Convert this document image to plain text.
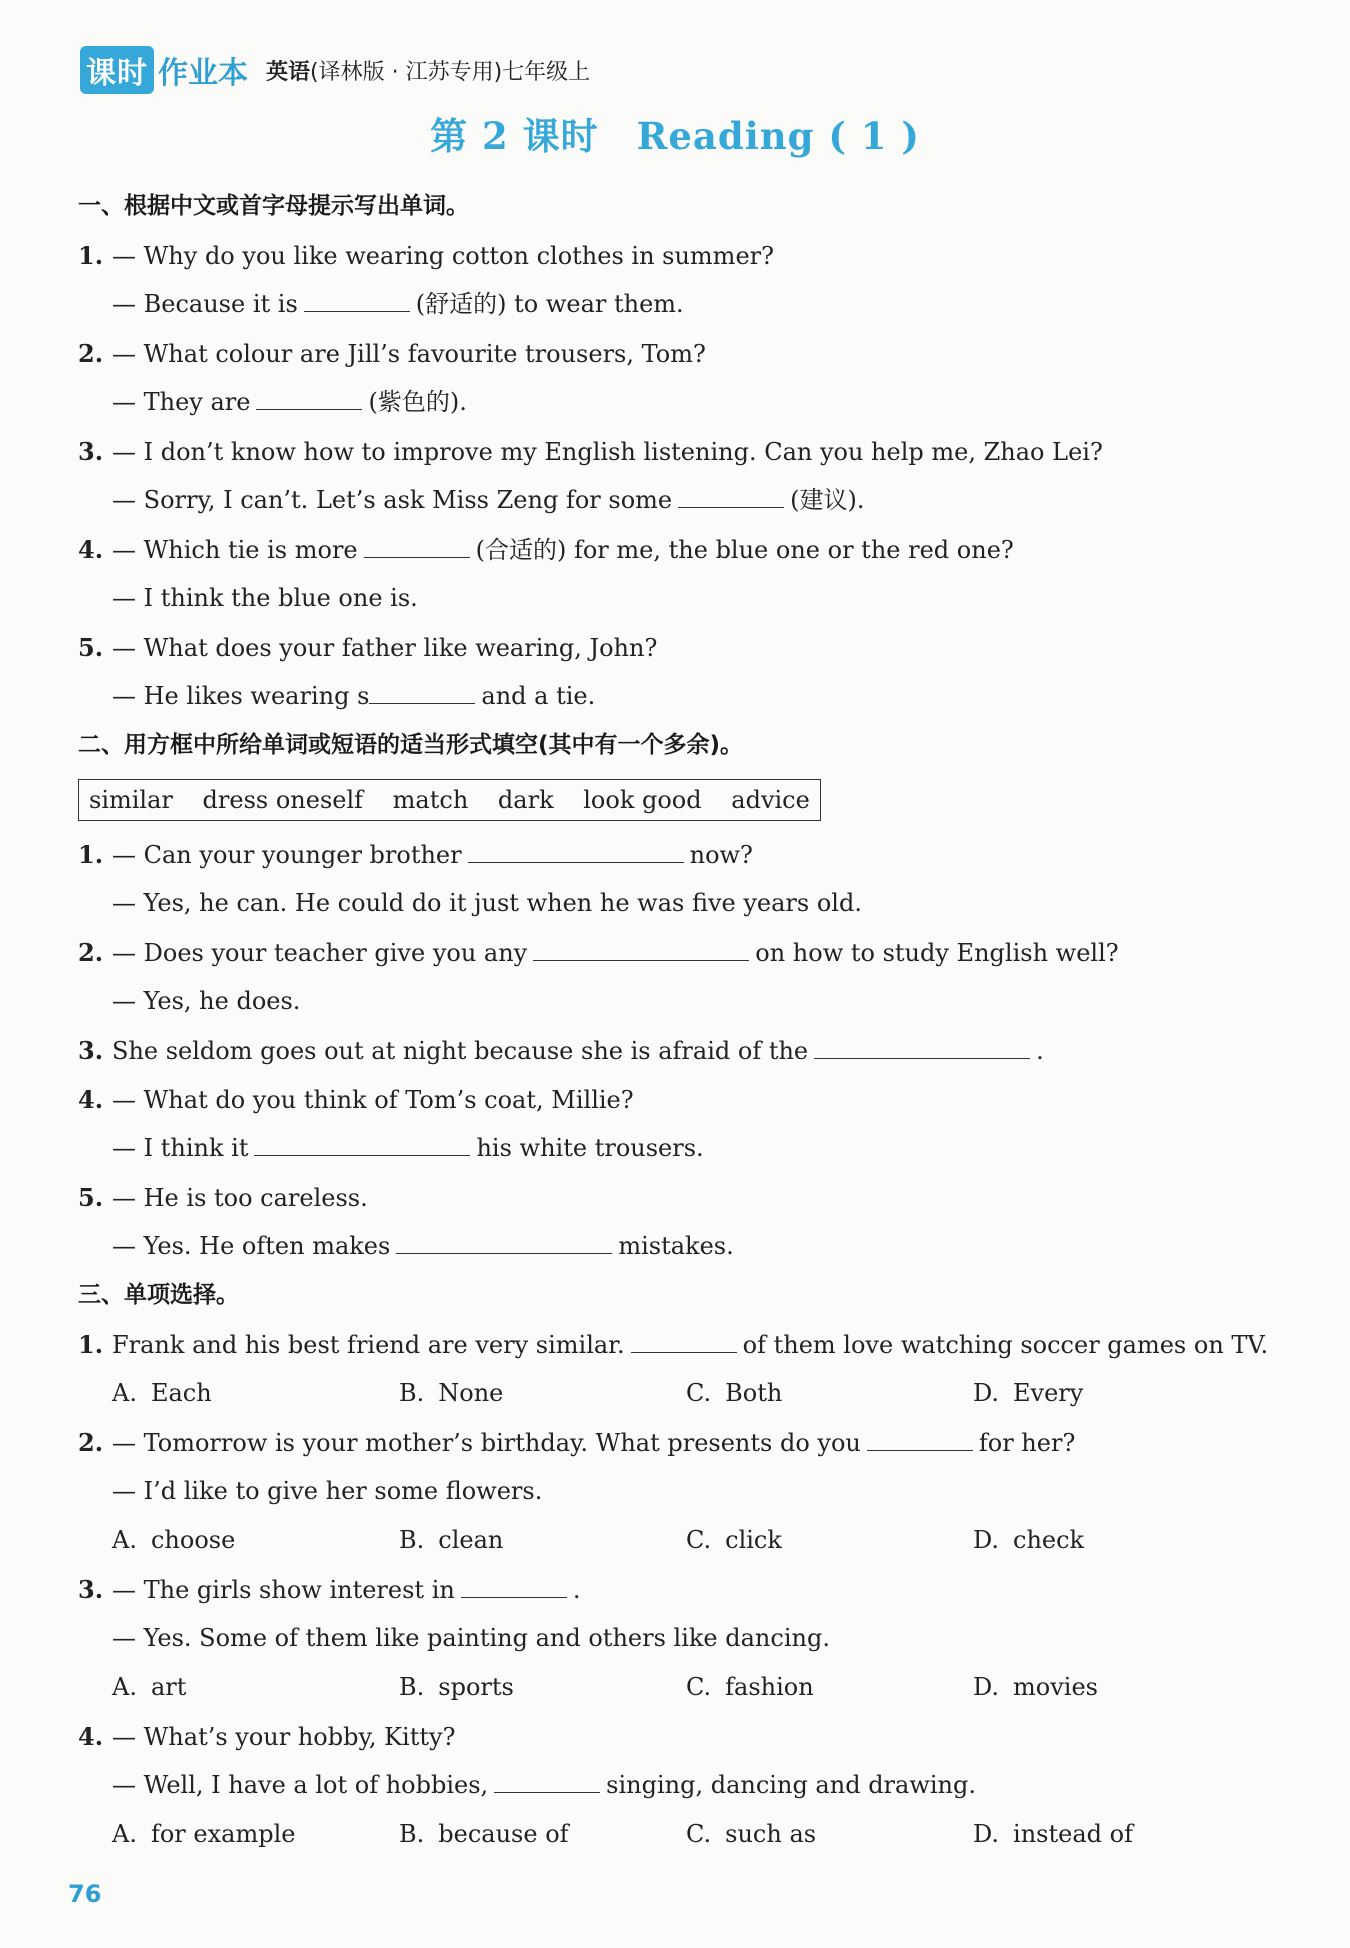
课时 作业本 英语(译林版 · 江苏专用)七年级上
第 2 课时　Reading ( 1 )
一、根据中文或首字母提示写出单词。
1. — Why do you like wearing cotton clothes in summer?
— Because it is	(舒适的) to wear them.
2. — What colour are Jill’s favourite trousers, Tom?
— They are	(紫色的).
3. — I don’t know how to improve my English listening. Can you help me, Zhao Lei?
— Sorry, I can’t. Let’s ask Miss Zeng for some	(建议).
4. — Which tie is more	(合适的) for me, the blue one or the red one?
— I think the blue one is.
5. — What does your father like wearing, John?
— He likes wearing s	and a tie.
二、用方框中所给单词或短语的适当形式填空(其中有一个多余)。
similar dress oneself match dark look good advice
1. — Can your younger brother	now?
— Yes, he can. He could do it just when he was five years old.
2. — Does your teacher give you any	on how to study English well?
— Yes, he does.
3. She seldom goes out at night because she is afraid of the	.
4. — What do you think of Tom’s coat, Millie?
— I think it	his white trousers.
5. — He is too careless.
— Yes. He often makes	mistakes.
三、单项选择。
1. Frank and his best friend are very similar.	of them love watching soccer games on TV.
A. Each	B. None	C. Both	D. Every
2. — Tomorrow is your mother’s birthday. What presents do you	for her?
— I’d like to give her some flowers.
A. choose	B. clean	C. click	D. check
3. — The girls show interest in	.
— Yes. Some of them like painting and others like dancing.
A. art	B. sports	C. fashion	D. movies
4. — What’s your hobby, Kitty?
— Well, I have a lot of hobbies,	singing, dancing and drawing.
A. for example	B. because of	C. such as	D. instead of
76
